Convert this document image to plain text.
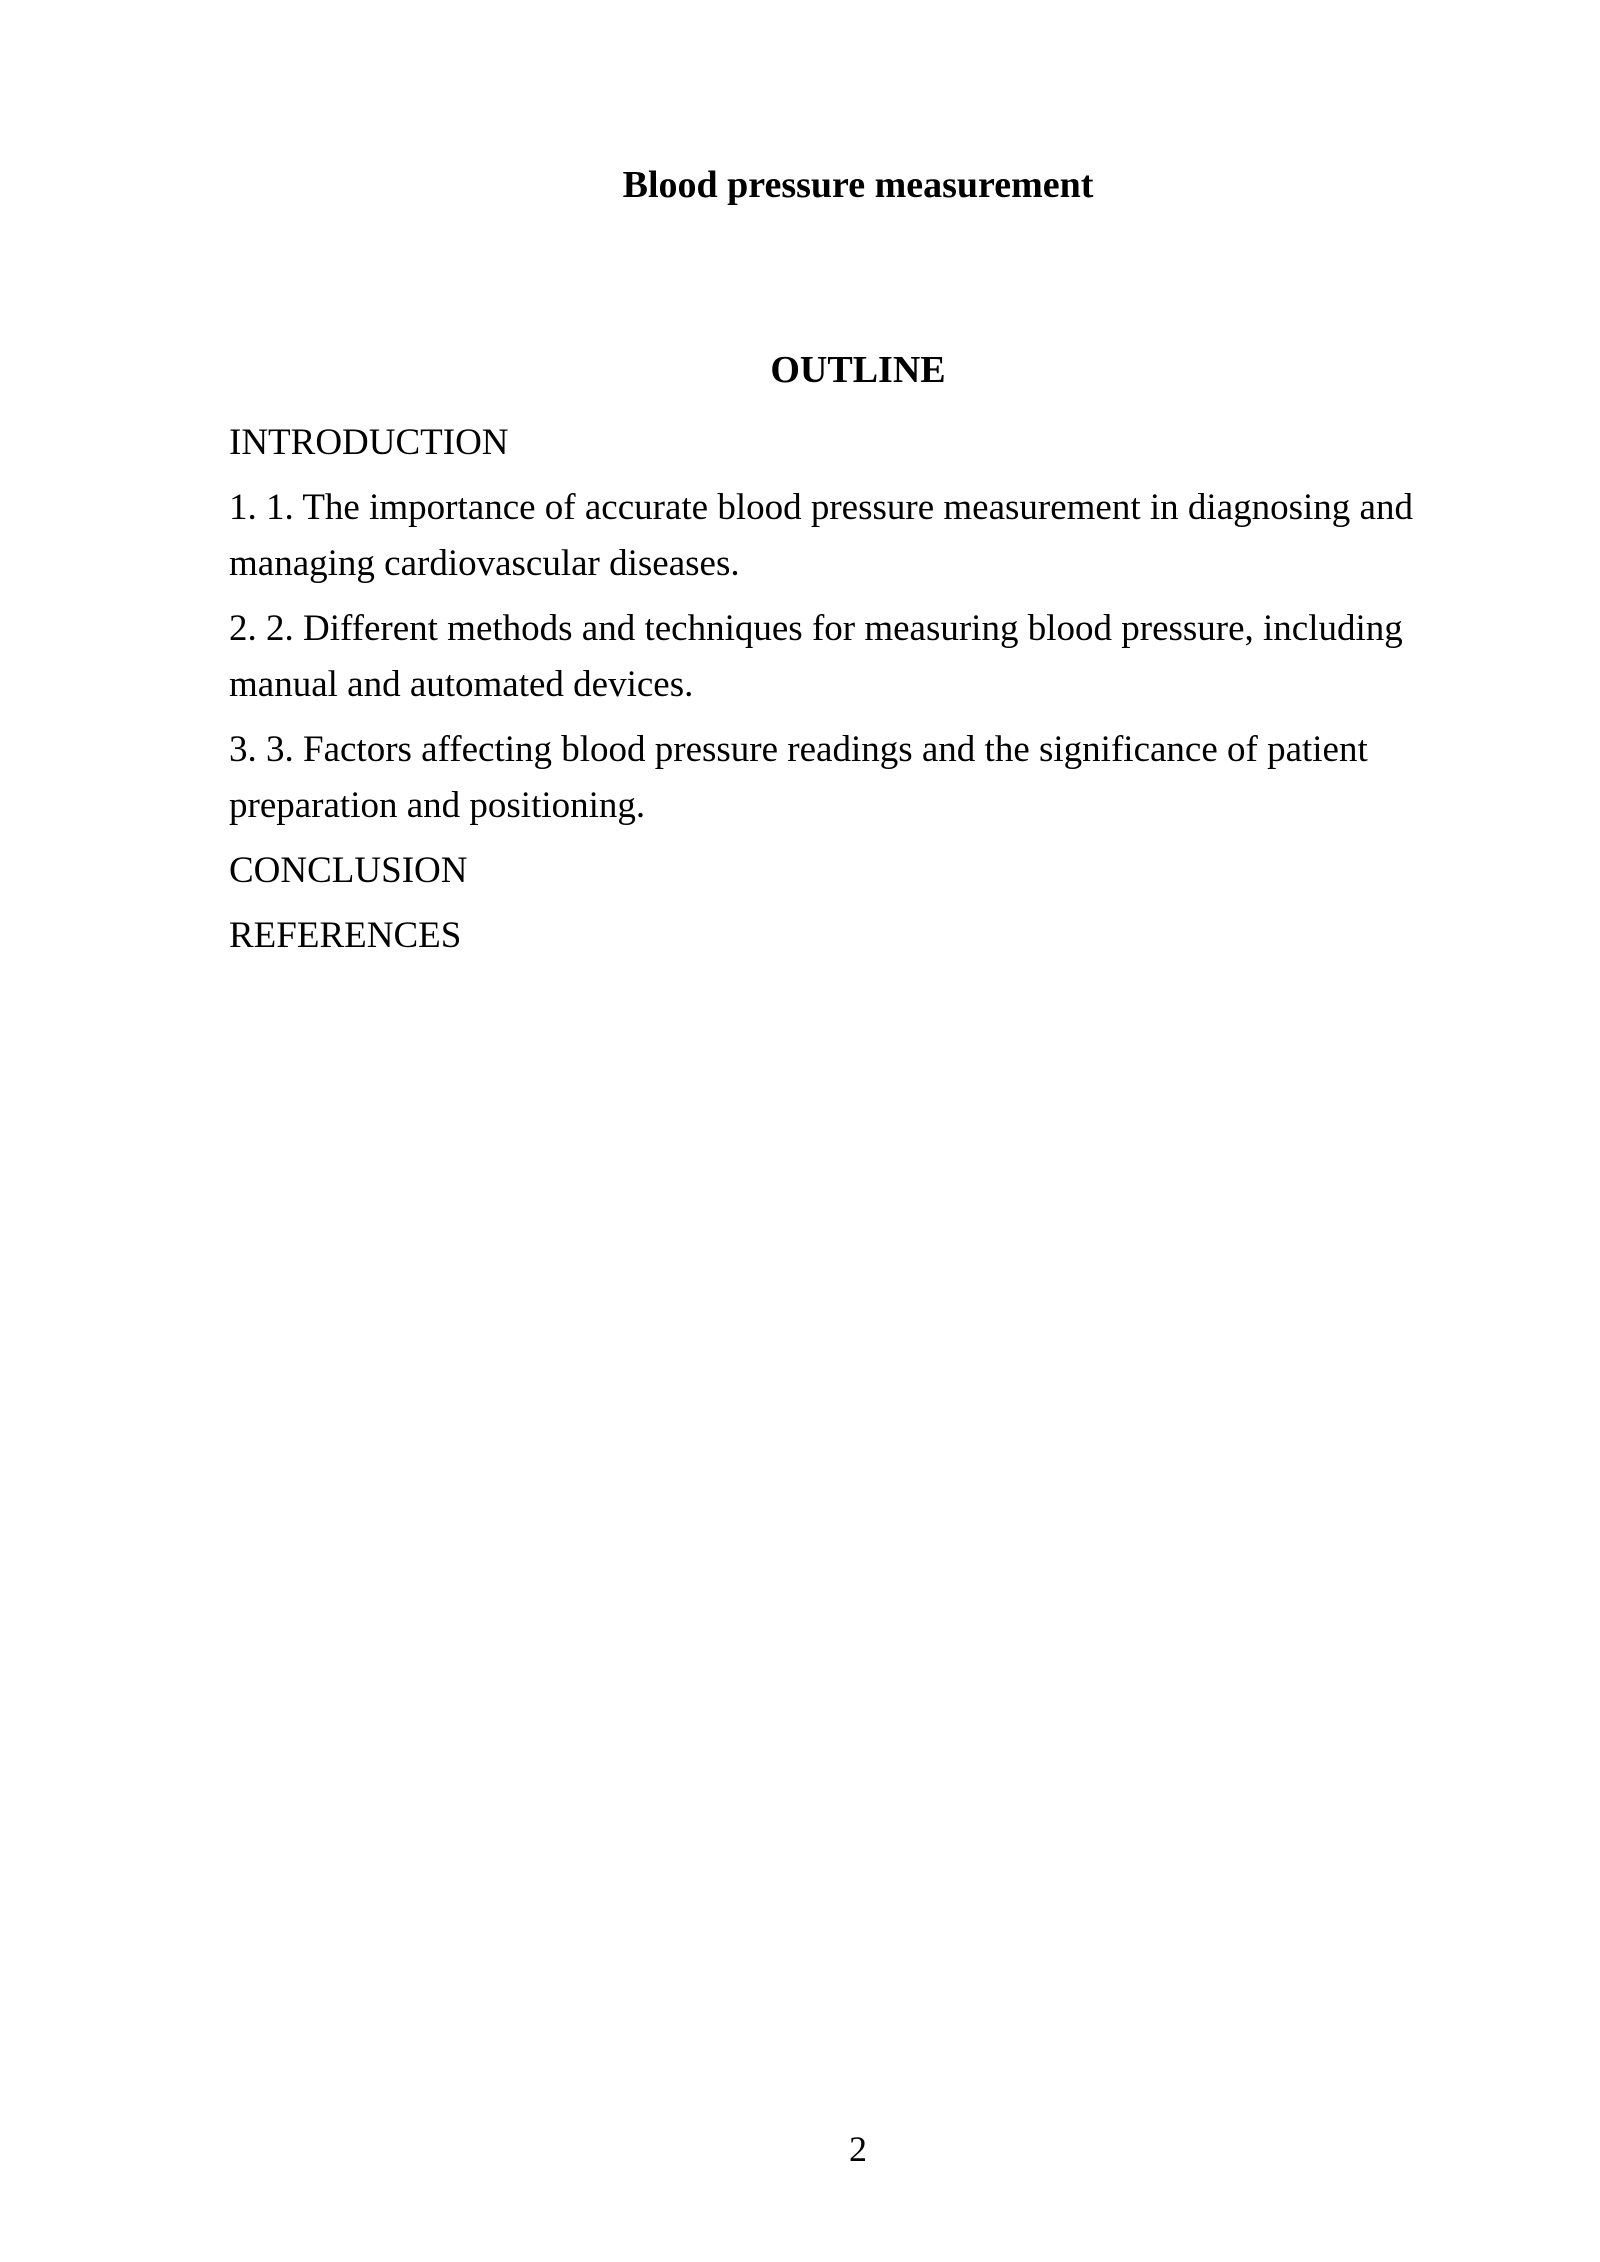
Blood pressure measurement
OUTLINE
INTRODUCTION
1. 1. The importance of accurate blood pressure measurement in diagnosing and managing cardiovascular diseases.
2. 2. Different methods and techniques for measuring blood pressure, including manual and automated devices.
3. 3. Factors affecting blood pressure readings and the significance of patient preparation and positioning.
CONCLUSION
REFERENCES
2
